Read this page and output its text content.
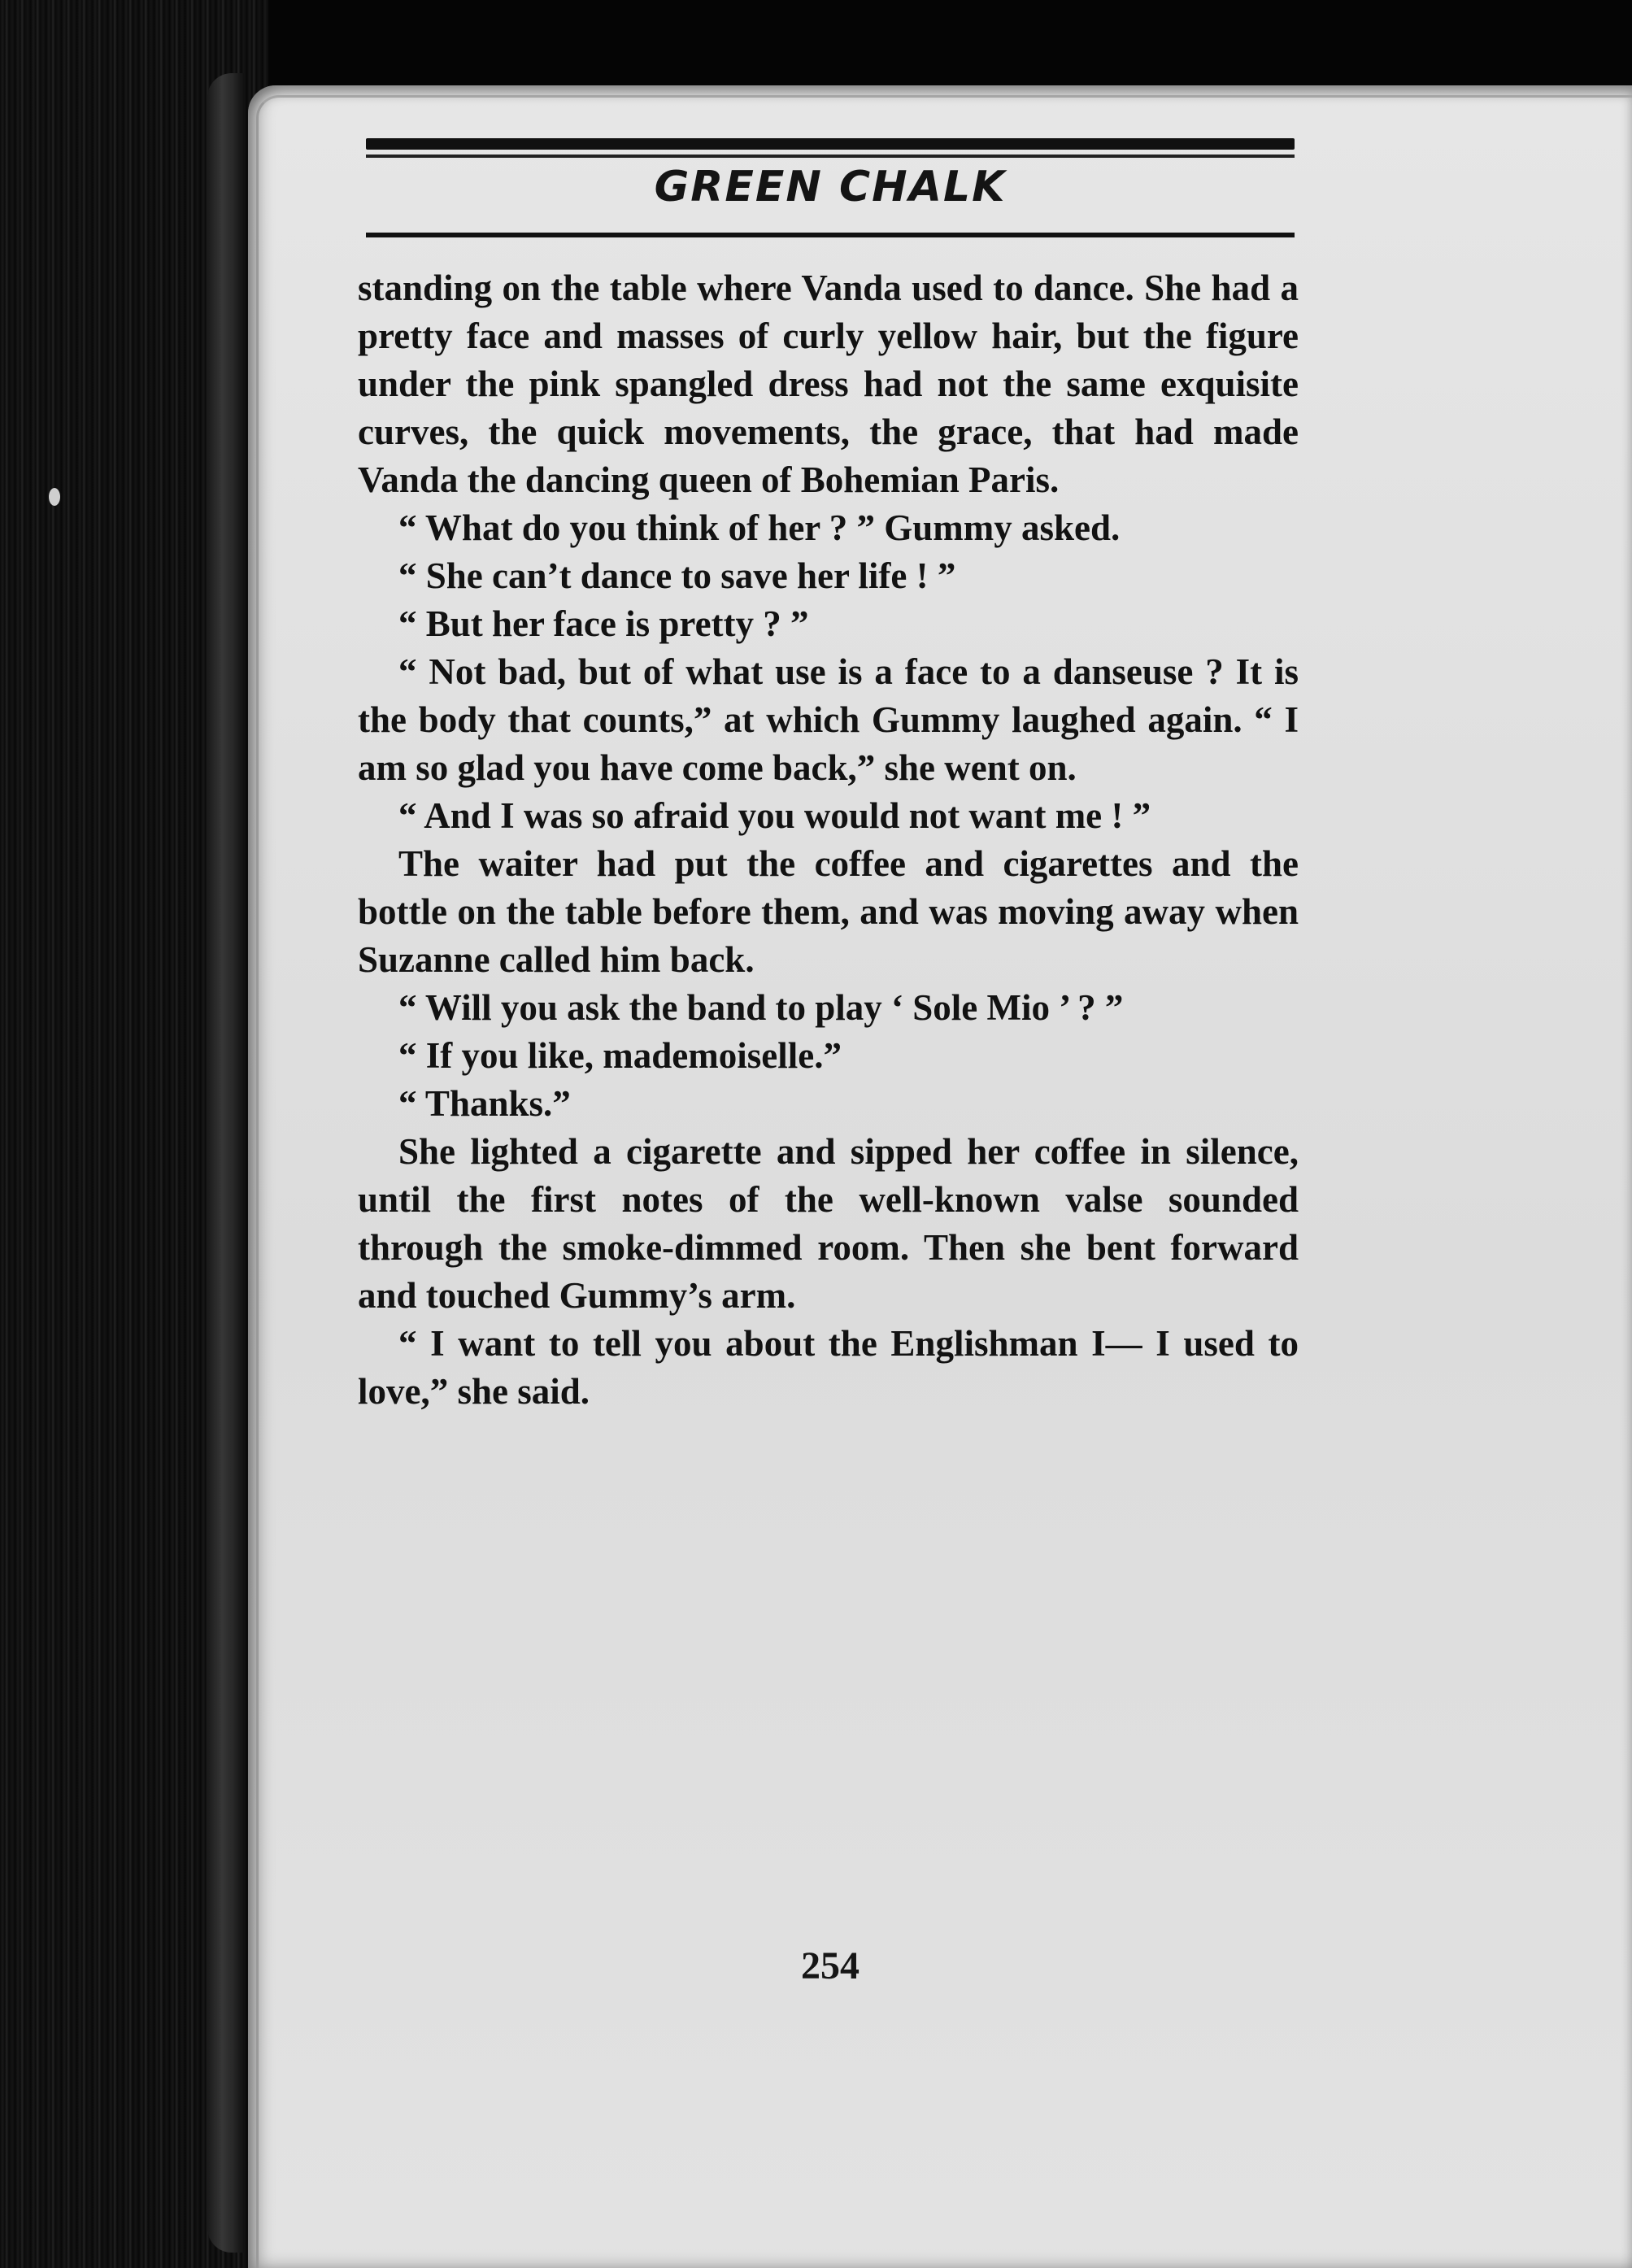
GREEN CHALK

standing on the table where Vanda used to dance. She had a pretty face and masses of curly yellow hair, but the figure under the pink spangled dress had not the same exquisite curves, the quick movements, the grace, that had made Vanda the dancing queen of Bohemian Paris.

“ What do you think of her ? ” Gummy asked.

“ She can’t dance to save her life ! ”

“ But her face is pretty ? ”

“ Not bad, but of what use is a face to a danseuse ? It is the body that counts,” at which Gummy laughed again. “ I am so glad you have come back,” she went on.

“ And I was so afraid you would not want me ! ”

The waiter had put the coffee and cigarettes and the bottle on the table before them, and was moving away when Suzanne called him back.

“ Will you ask the band to play ‘ Sole Mio ’ ? ”

“ If you like, mademoiselle.”

“ Thanks.”

She lighted a cigarette and sipped her coffee in silence, until the first notes of the well-known valse sounded through the smoke-dimmed room. Then she bent forward and touched Gummy’s arm.

“ I want to tell you about the Englishman I— I used to love,” she said.

254
